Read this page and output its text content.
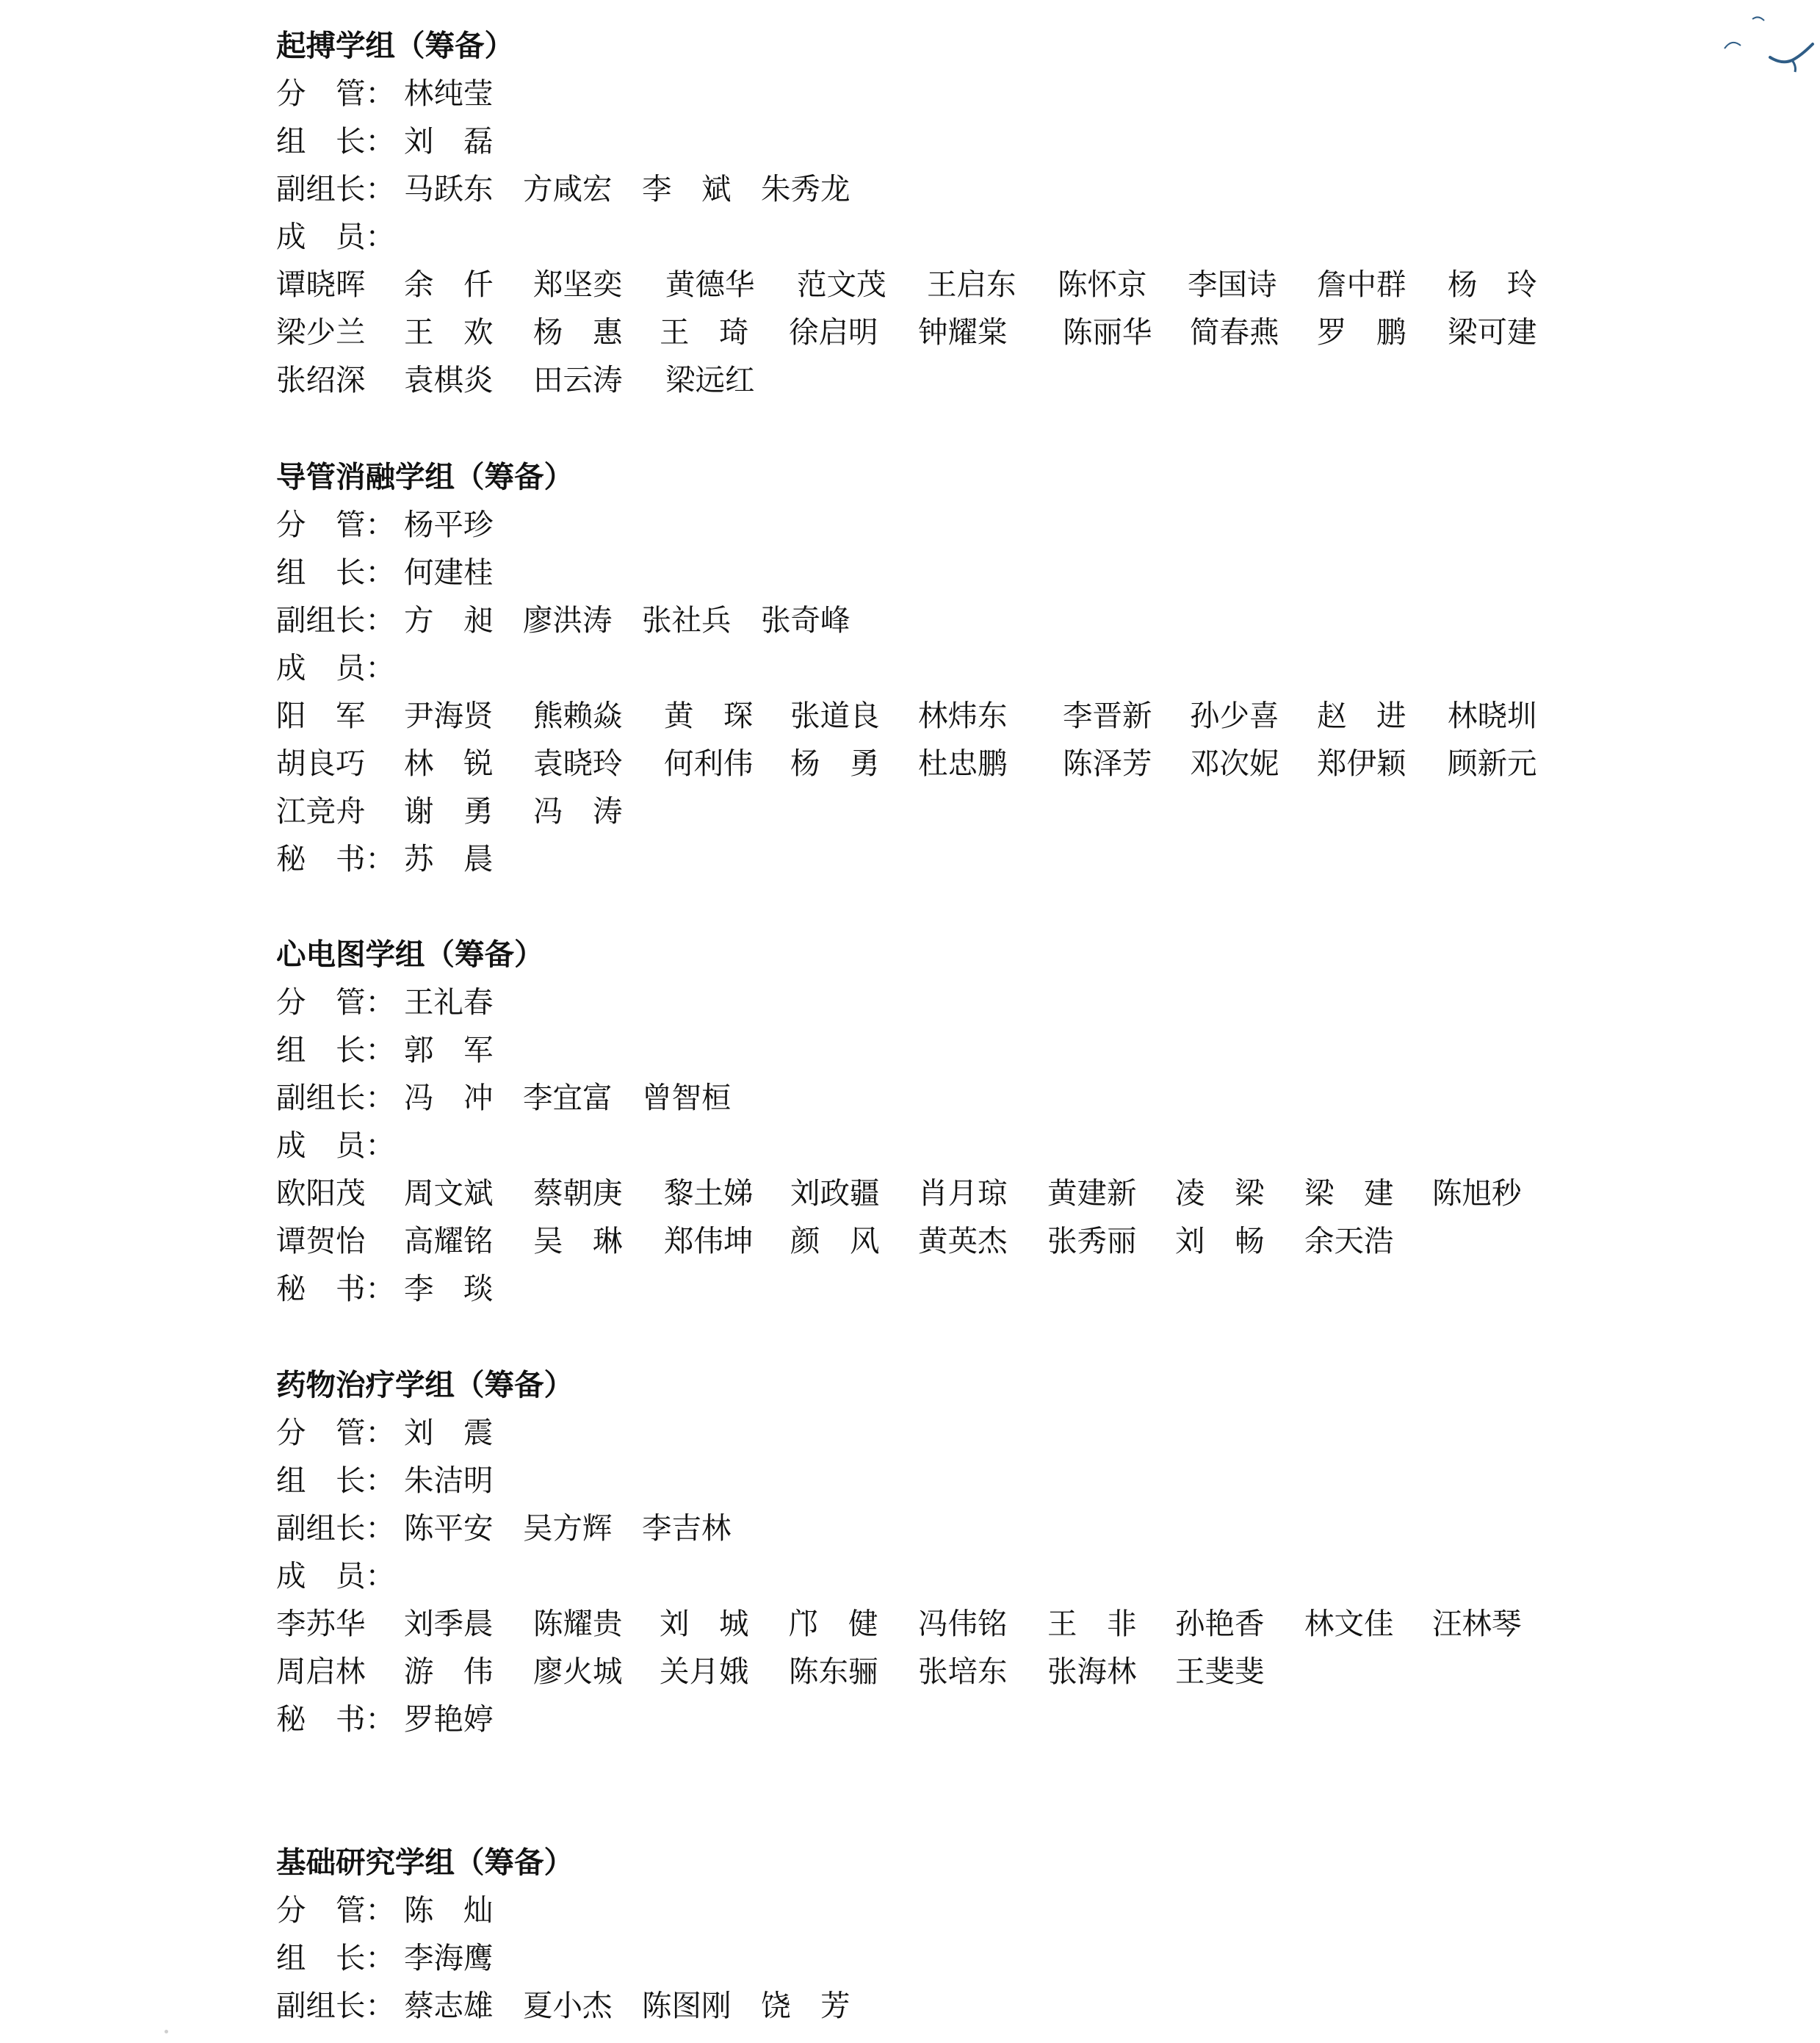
起搏学组（筹备）
分　管： 林纯莹
组　长： 刘　磊
副组长： 马跃东　方咸宏　李　斌　朱秀龙
成　员：
谭晓晖 余　仟 郑坚奕 黄德华 范文茂 王启东 陈怀京 李国诗 詹中群 杨　玲
梁少兰 王　欢 杨　惠 王　琦 徐启明 钟耀棠 陈丽华 简春燕 罗　鹏 梁可建
张绍深 袁棋炎 田云涛 梁远红
导管消融学组（筹备）
分　管： 杨平珍
组　长： 何建桂
副组长： 方　昶　廖洪涛　张社兵　张奇峰
成　员：
阳　军 尹海贤 熊赖焱 黄　琛 张道良 林炜东 李晋新 孙少喜 赵　进 林晓圳
胡良巧 林　锐 袁晓玲 何利伟 杨　勇 杜忠鹏 陈泽芳 邓次妮 郑伊颖 顾新元
江竞舟 谢　勇 冯　涛
秘　书： 苏　晨
心电图学组（筹备）
分　管： 王礼春
组　长： 郭　军
副组长： 冯　冲　李宜富　曾智桓
成　员：
欧阳茂 周文斌 蔡朝庚 黎土娣 刘政疆 肖月琼 黄建新 凌　梁 梁　建 陈旭秒
谭贺怡 高耀铭 吴　琳 郑伟坤 颜　风 黄英杰 张秀丽 刘　畅 余天浩
秘　书： 李　琰
药物治疗学组（筹备）
分　管： 刘　震
组　长： 朱洁明
副组长： 陈平安　吴方辉　李吉林
成　员：
李苏华 刘季晨 陈耀贵 刘　城 邝　健 冯伟铭 王　非 孙艳香 林文佳 汪林琴
周启林 游　伟 廖火城 关月娥 陈东骊 张培东 张海林 王斐斐
秘　书： 罗艳婷
基础研究学组（筹备）
分　管： 陈　灿
组　长： 李海鹰
副组长： 蔡志雄　夏小杰　陈图刚　饶　芳
